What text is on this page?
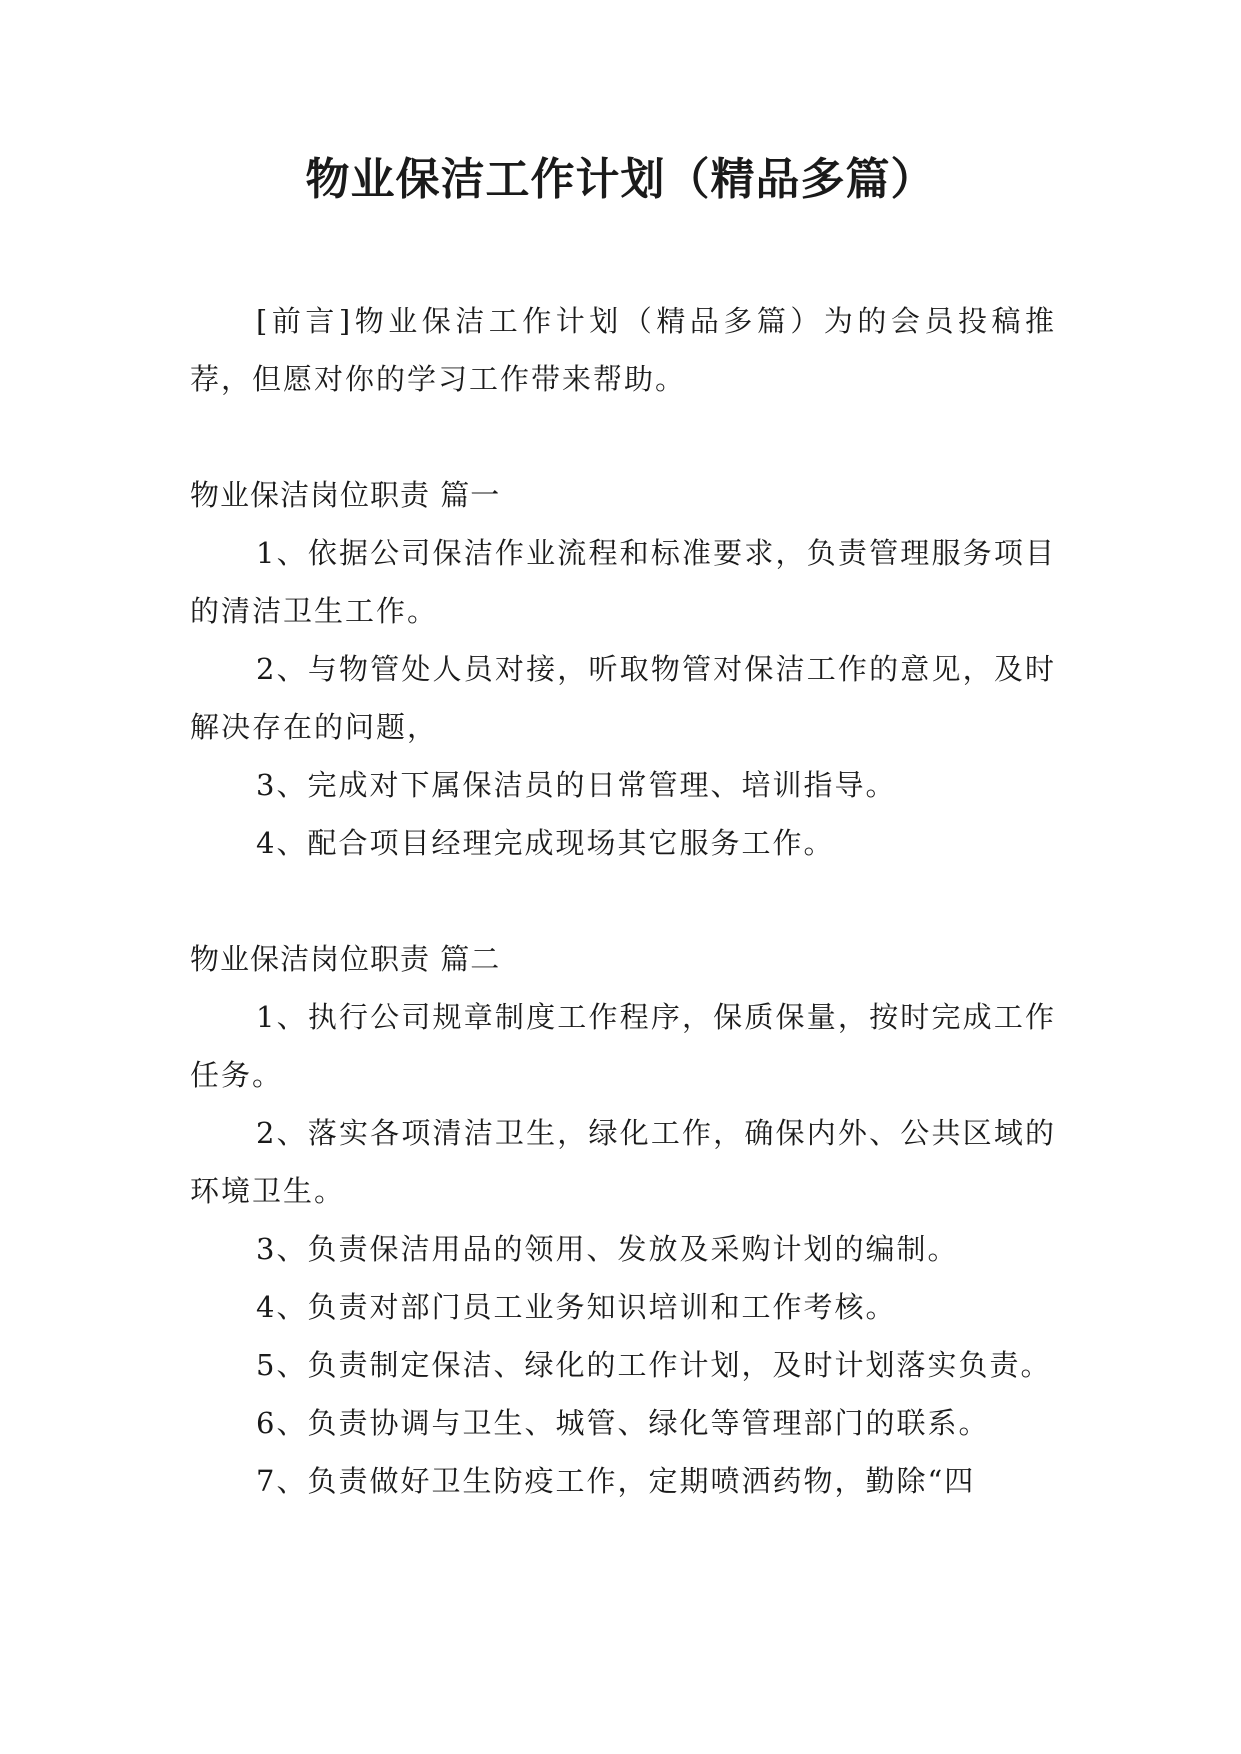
物业保洁工作计划（精品多篇）

[前言]物业保洁工作计划（精品多篇）为的会员投稿推荐，但愿对你的学习工作带来帮助。

物业保洁岗位职责 篇一

1、依据公司保洁作业流程和标准要求，负责管理服务项目的清洁卫生工作。

2、与物管处人员对接，听取物管对保洁工作的意见，及时解决存在的问题，

3、完成对下属保洁员的日常管理、培训指导。

4、配合项目经理完成现场其它服务工作。

物业保洁岗位职责 篇二

1、执行公司规章制度工作程序，保质保量，按时完成工作任务。

2、落实各项清洁卫生，绿化工作，确保内外、公共区域的环境卫生。

3、负责保洁用品的领用、发放及采购计划的编制。

4、负责对部门员工业务知识培训和工作考核。

5、负责制定保洁、绿化的工作计划，及时计划落实负责。

6、负责协调与卫生、城管、绿化等管理部门的联系。

7、负责做好卫生防疫工作，定期喷洒药物，勤除“四
